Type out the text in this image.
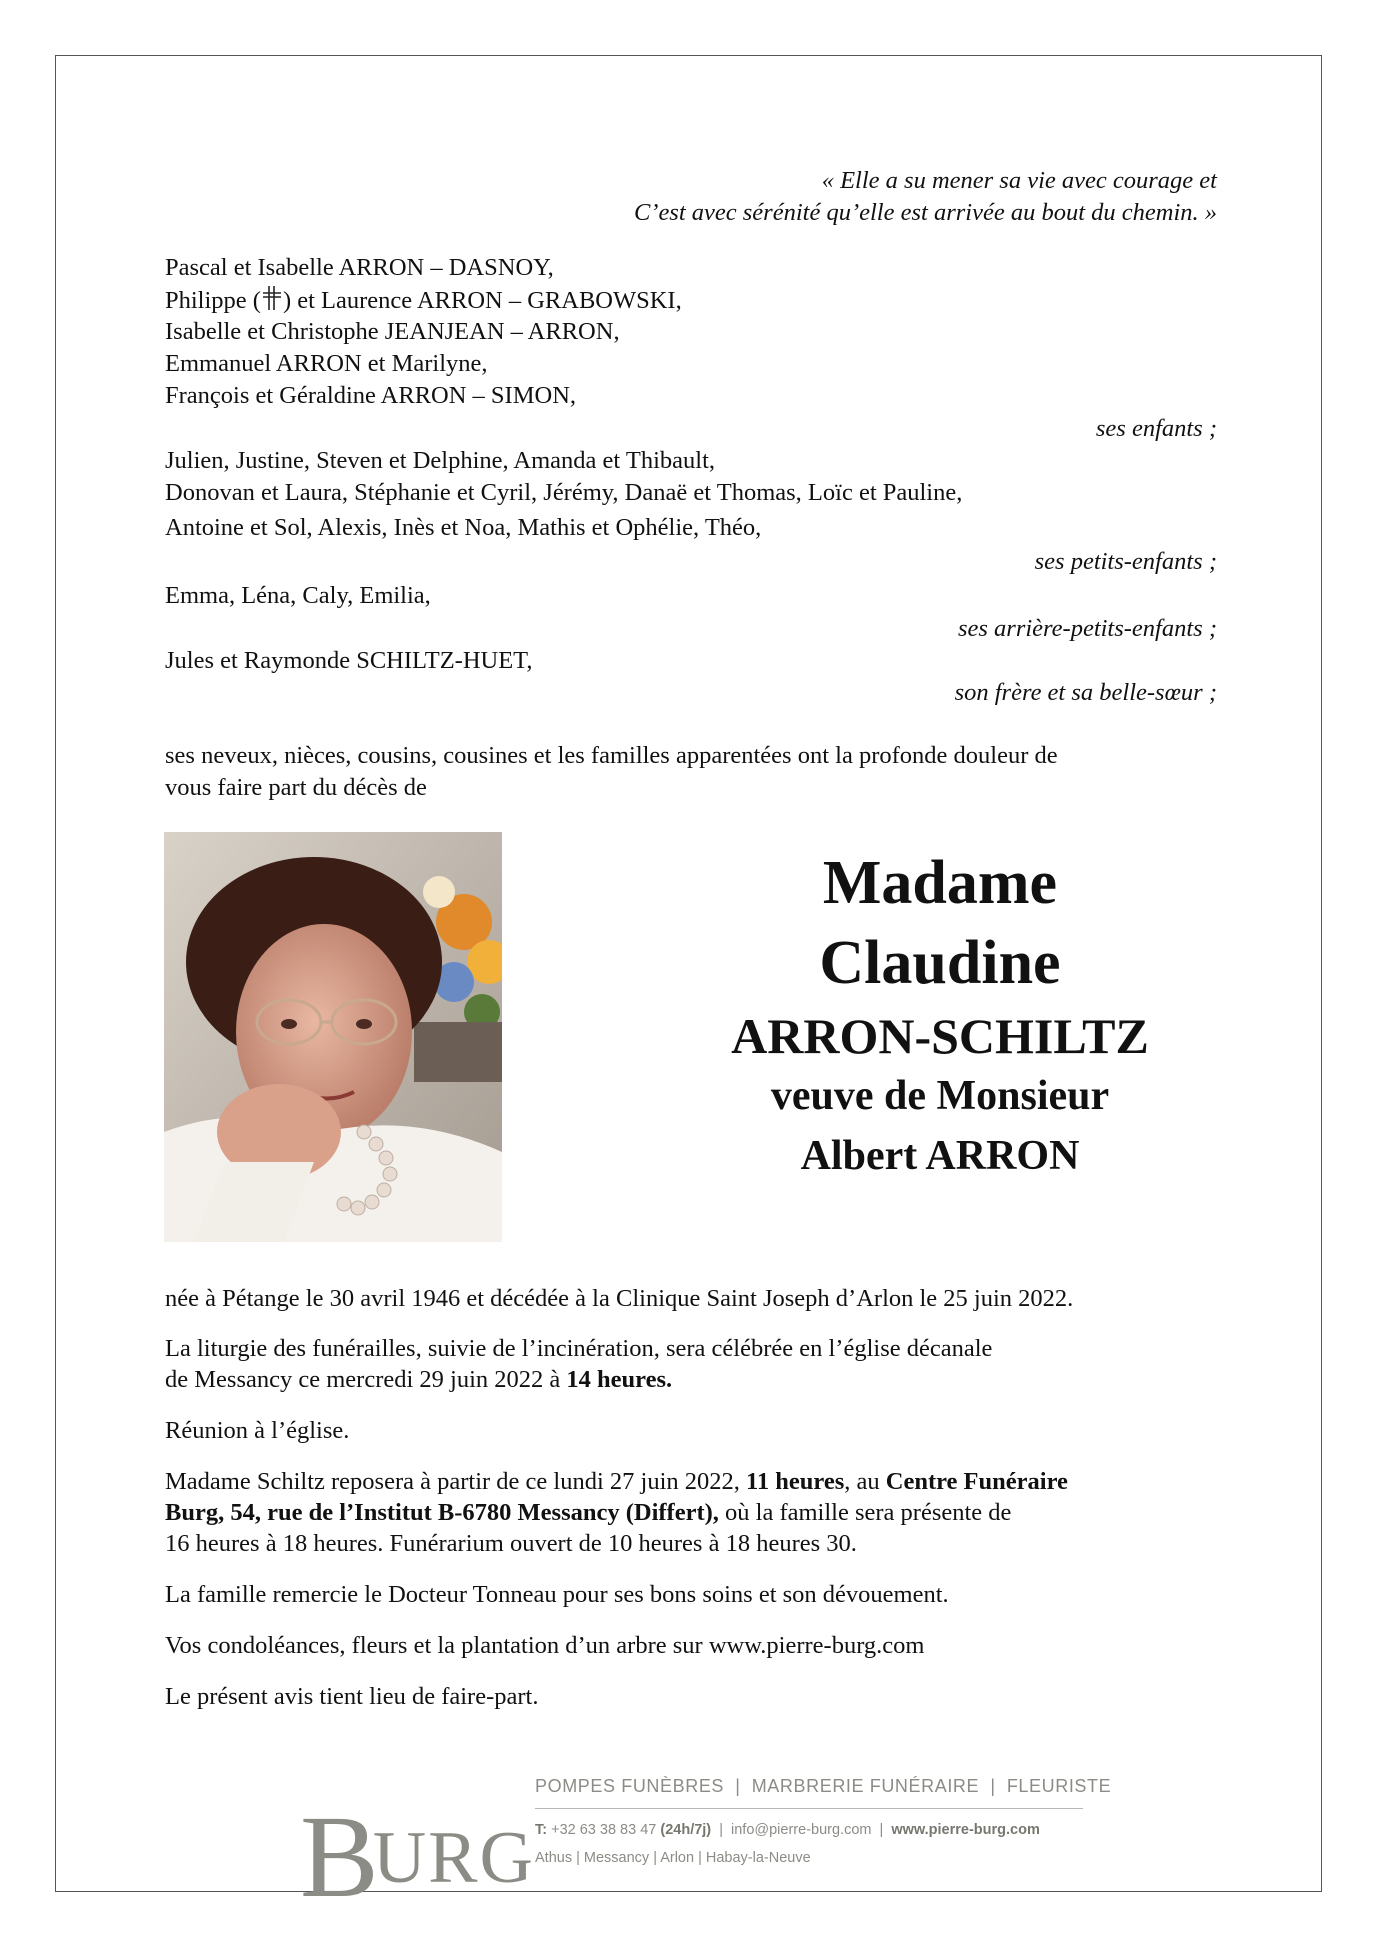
« Elle a su mener sa vie avec courage et
C’est avec sérénité qu’elle est arrivée au bout du chemin. »
Pascal et Isabelle ARRON – DASNOY,
Philippe ( ) et Laurence ARRON – GRABOWSKI,
Isabelle et Christophe JEANJEAN – ARRON,
Emmanuel ARRON et Marilyne,
François et Géraldine ARRON – SIMON,
ses enfants ;
Julien, Justine, Steven et Delphine, Amanda et Thibault,
Donovan et Laura, Stéphanie et Cyril, Jérémy, Danaë et Thomas, Loïc et Pauline,
Antoine et Sol, Alexis, Inès et Noa, Mathis et Ophélie, Théo,
ses petits-enfants ;
Emma, Léna, Caly, Emilia,
ses arrière-petits-enfants ;
Jules et Raymonde SCHILTZ-HUET,
son frère et sa belle-sœur ;
ses neveux, nièces, cousins, cousines et les familles apparentées ont la profonde douleur de
vous faire part du décès de
Madame
Claudine
ARRON-SCHILTZ
veuve de Monsieur
Albert ARRON
née à Pétange le 30 avril 1946 et décédée à la Clinique Saint Joseph d’Arlon le 25 juin 2022.
La liturgie des funérailles, suivie de l’incinération, sera célébrée en l’église décanale
de Messancy ce mercredi 29 juin 2022 à 14 heures.
Réunion à l’église.
Madame Schiltz reposera à partir de ce lundi 27 juin 2022, 11 heures, au Centre Funéraire
Burg, 54, rue de l’Institut B-6780 Messancy (Differt), où la famille sera présente de
16 heures à 18 heures. Funérarium ouvert de 10 heures à 18 heures 30.
La famille remercie le Docteur Tonneau pour ses bons soins et son dévouement.
Vos condoléances, fleurs et la plantation d’un arbre sur www.pierre-burg.com
Le présent avis tient lieu de faire-part.
BURG
POMPES FUNÈBRES  |  MARBRERIE FUNÉRAIRE  |  FLEURISTE
T: +32 63 38 83 47 (24h/7j)  |  info@pierre-burg.com  |  www.pierre-burg.com
Athus | Messancy | Arlon | Habay-la-Neuve
